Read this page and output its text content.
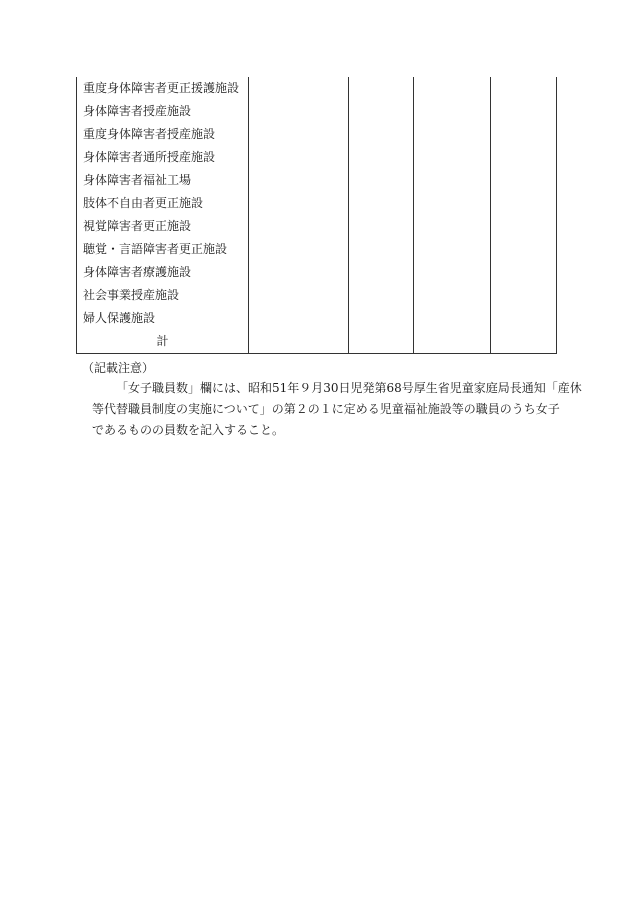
重度身体障害者更正援護施設				
身体障害者授産施設				
重度身体障害者授産施設				
身体障害者通所授産施設				
身体障害者福祉工場				
肢体不自由者更正施設				
視覚障害者更正施設				
聴覚・言語障害者更正施設				
身体障害者療護施設				
社会事業授産施設				
婦人保護施設				
計				
（記載注意）
「女子職員数」欄には、昭和51年９月30日児発第68号厚生省児童家庭局長通知「産休
等代替職員制度の実施について」の第２の１に定める児童福祉施設等の職員のうち女子
であるものの員数を記入すること。
